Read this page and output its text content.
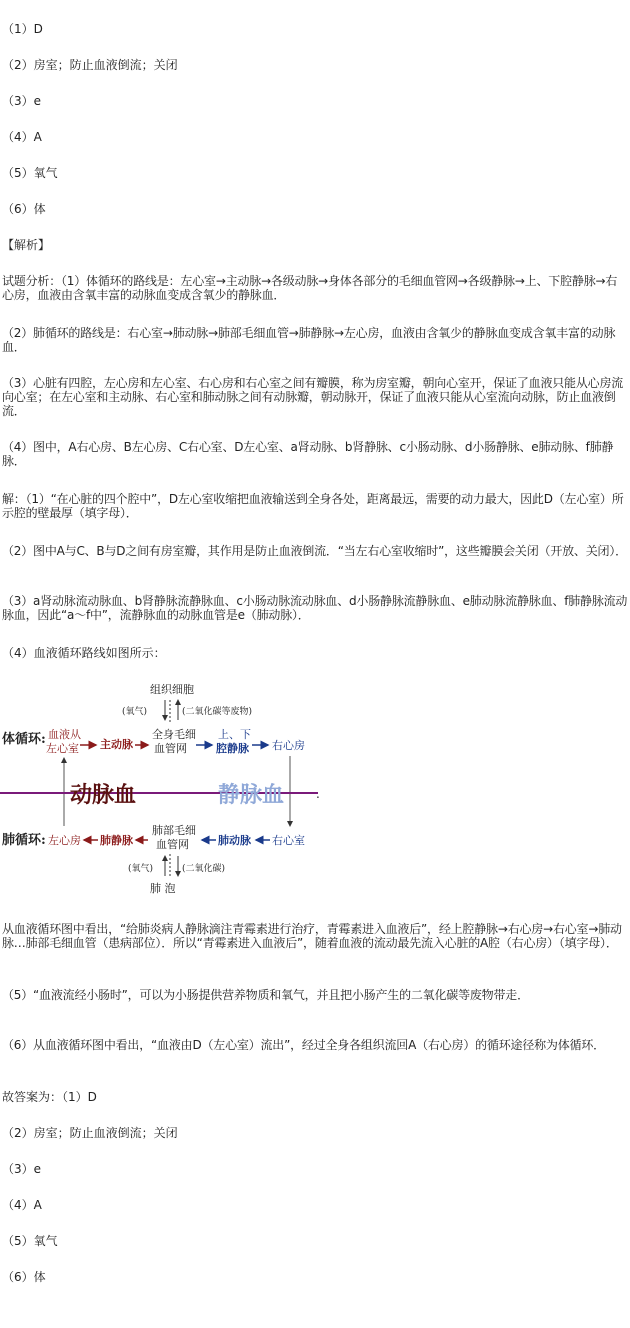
（1）D
（2）房室；防止血液倒流；关闭
（3）e
（4）A
（5）氧气
（6）体
【解析】
试题分析：（1）体循环的路线是：左心室→主动脉→各级动脉→身体各部分的毛细血管网→各级静脉→上、下腔静脉→右心房，血液由含氧丰富的动脉血变成含氧少的静脉血．
（2）肺循环的路线是：右心室→肺动脉→肺部毛细血管→肺静脉→左心房，血液由含氧少的静脉血变成含氧丰富的动脉血．
（3）心脏有四腔，左心房和左心室、右心房和右心室之间有瓣膜，称为房室瓣，朝向心室开，保证了血液只能从心房流向心室；在左心室和主动脉、右心室和肺动脉之间有动脉瓣，朝动脉开，保证了血液只能从心室流向动脉，防止血液倒流．
（4）图中，A右心房、B左心房、C右心室、D左心室、a肾动脉、b肾静脉、c小肠动脉、d小肠静脉、e肺动脉、f肺静脉．
解：（1）“在心脏的四个腔中”，D左心室收缩把血液输送到全身各处，距离最远，需要的动力最大，因此D（左心室）所示腔的壁最厚（填字母）．
（2）图中A与C、B与D之间有房室瓣，其作用是防止血液倒流．“当左右心室收缩时”，这些瓣膜会关闭（开放、关闭）．
（3）a肾动脉流动脉血、b肾静脉流静脉血、c小肠动脉流动脉血、d小肠静脉流静脉血、e肺动脉流静脉血、f肺静脉流动脉血，因此“a～f中”，流静脉血的动脉血管是e（肺动脉）．
（4）血液循环路线如图所示：
组织细胞
(氧气)	(二氧化碳等废物)
体循环: 血液从
左心室 主动脉
全身毛细
血管网
上、下
腔静脉 右心房
动脉血	静脉血	.
肺循环: 左心房 肺静脉
肺部毛细
血管网	肺动脉 右心室
(氧气)	(二氧化碳)
肺 泡
从血液循环图中看出，“给肺炎病人静脉滴注青霉素进行治疗，青霉素进入血液后”，经上腔静脉→右心房→右心室→肺动脉…肺部毛细血管（患病部位）．所以“青霉素进入血液后”，随着血液的流动最先流入心脏的A腔（右心房）（填字母）．
（5）“血液流经小肠时”，可以为小肠提供营养物质和氧气，并且把小肠产生的二氧化碳等废物带走．
（6）从血液循环图中看出，“血液由D（左心室）流出”，经过全身各组织流回A（右心房）的循环途径称为体循环．
故答案为：（1）D
（2）房室；防止血液倒流；关闭
（3）e
（4）A
（5）氧气
（6）体
